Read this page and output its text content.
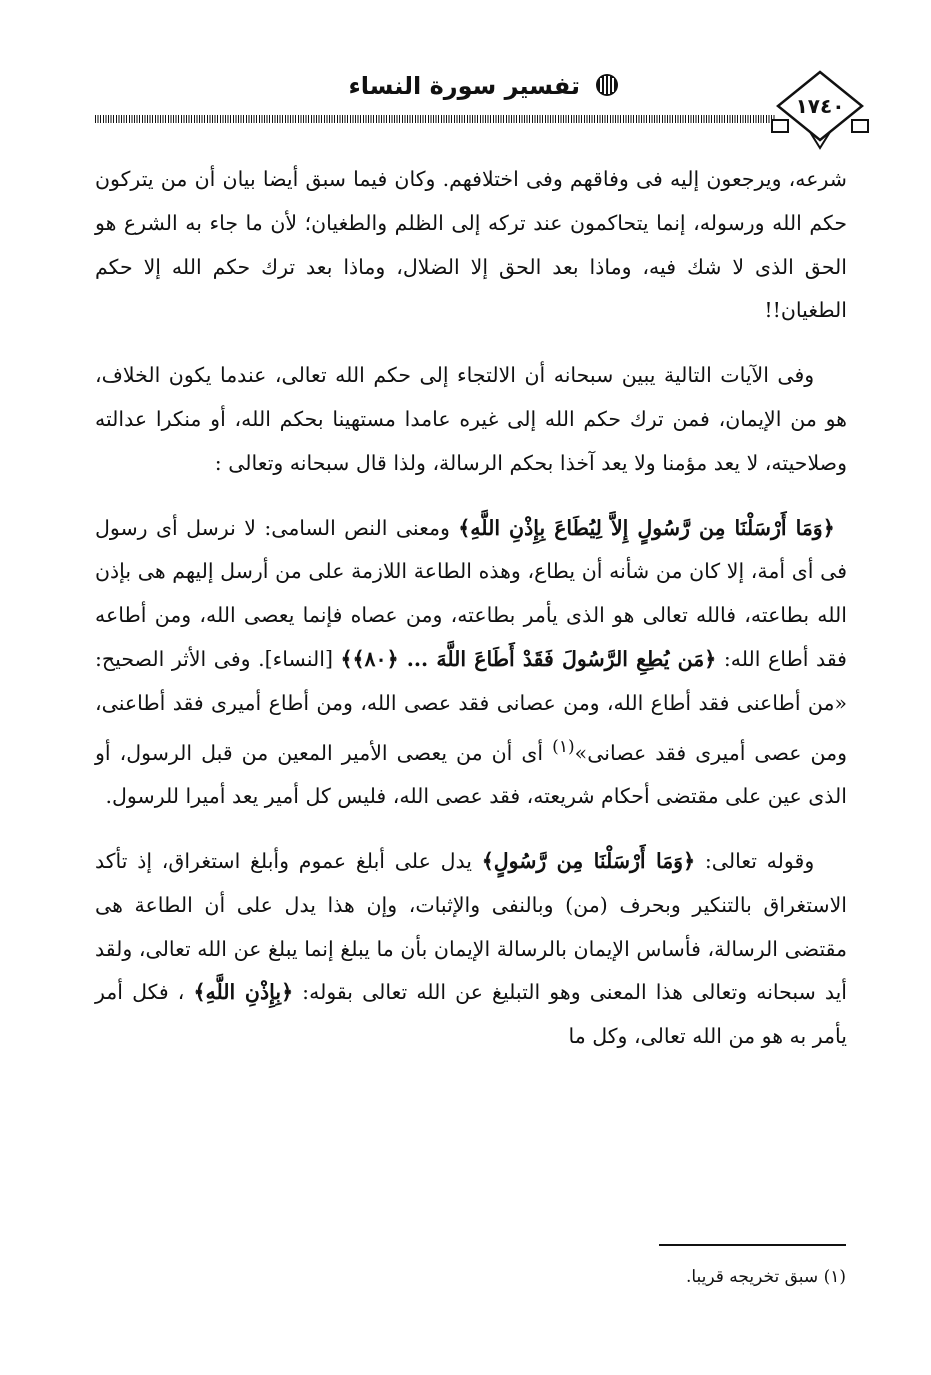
تفسير سورة النساء
١٧٤٠

شرعه، ويرجعون إليه فى وفاقهم وفى اختلافهم. وكان فيما سبق أيضا بيان أن من يتركون حكم الله ورسوله، إنما يتحاكمون عند تركه إلى الظلم والطغيان؛ لأن ما جاء به الشرع هو الحق الذى لا شك فيه، وماذا بعد الحق إلا الضلال، وماذا بعد ترك حكم الله إلا حكم الطغيان!!

وفى الآيات التالية يبين سبحانه أن الالتجاء إلى حكم الله تعالى، عندما يكون الخلاف، هو من الإيمان، فمن ترك حكم الله إلى غيره عامدا مستهينا بحكم الله، أو منكرا عدالته وصلاحيته، لا يعد مؤمنا ولا يعد آخذا بحكم الرسالة، ولذا قال سبحانه وتعالى :

﴿وَمَا أَرْسَلْنَا مِن رَّسُولٍ إِلاَّ لِيُطَاعَ بِإِذْنِ اللَّهِ﴾ ومعنى النص السامى: لا نرسل أى رسول فى أى أمة، إلا كان من شأنه أن يطاع، وهذه الطاعة اللازمة على من أرسل إليهم هى بإذن الله بطاعته، فالله تعالى هو الذى يأمر بطاعته، ومن عصاه فإنما يعصى الله، ومن أطاعه فقد أطاع الله: ﴿مَن يُطِعِ الرَّسُولَ فَقَدْ أَطَاعَ اللَّهَ ... ﴿٨٠﴾﴾ [النساء]. وفى الأثر الصحيح: «من أطاعنى فقد أطاع الله، ومن عصانى فقد عصى الله، ومن أطاع أميرى فقد أطاعنى، ومن عصى أميرى فقد عصانى»$^{(١)}$ أى أن من يعصى الأمير المعين من قبل الرسول، أو الذى عين على مقتضى أحكام شريعته، فقد عصى الله، فليس كل أمير يعد أميرا للرسول.

وقوله تعالى: ﴿وَمَا أَرْسَلْنَا مِن رَّسُولٍ﴾ يدل على أبلغ عموم وأبلغ استغراق، إذ تأكد الاستغراق بالتنكير وبحرف (من) وبالنفى والإثبات، وإن هذا يدل على أن الطاعة هى مقتضى الرسالة، فأساس الإيمان بالرسالة الإيمان بأن ما يبلغ إنما يبلغ عن الله تعالى، ولقد أيد سبحانه وتعالى هذا المعنى وهو التبليغ عن الله تعالى بقوله: ﴿بِإِذْنِ اللَّهِ﴾ ، فكل أمر يأمر به هو من الله تعالى، وكل ما

(١) سبق تخريجه قريبا.
